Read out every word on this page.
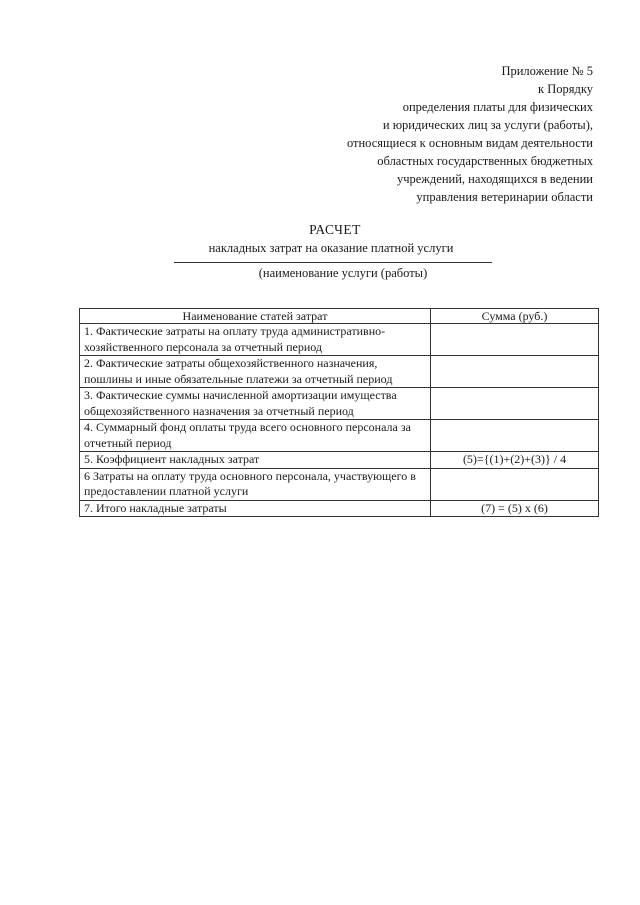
Приложение № 5
к Порядку
определения платы для физических
и юридических лиц за услуги (работы),
относящиеся к основным видам деятельности
областных государственных бюджетных
учреждений, находящихся в ведении
управления ветеринарии области
РАСЧЕТ
накладных затрат на оказание платной услуги
(наименование услуги (работы)
Наименование статей затрат	Сумма (руб.)
1. Фактические затраты на оплату труда административно-хозяйственного персонала за отчетный период	
2. Фактические затраты общехозяйственного назначения, пошлины и иные обязательные платежи за отчетный период	
3. Фактические суммы начисленной амортизации имущества общехозяйственного назначения за отчетный период	
4. Суммарный фонд оплаты труда всего основного персонала за отчетный период	
5. Коэффициент накладных затрат	(5)={(1)+(2)+(3)} / 4
6 Затраты на оплату труда основного персонала, участвующего в предоставлении платной услуги	
7. Итого накладные затраты	(7) = (5) х (6)
